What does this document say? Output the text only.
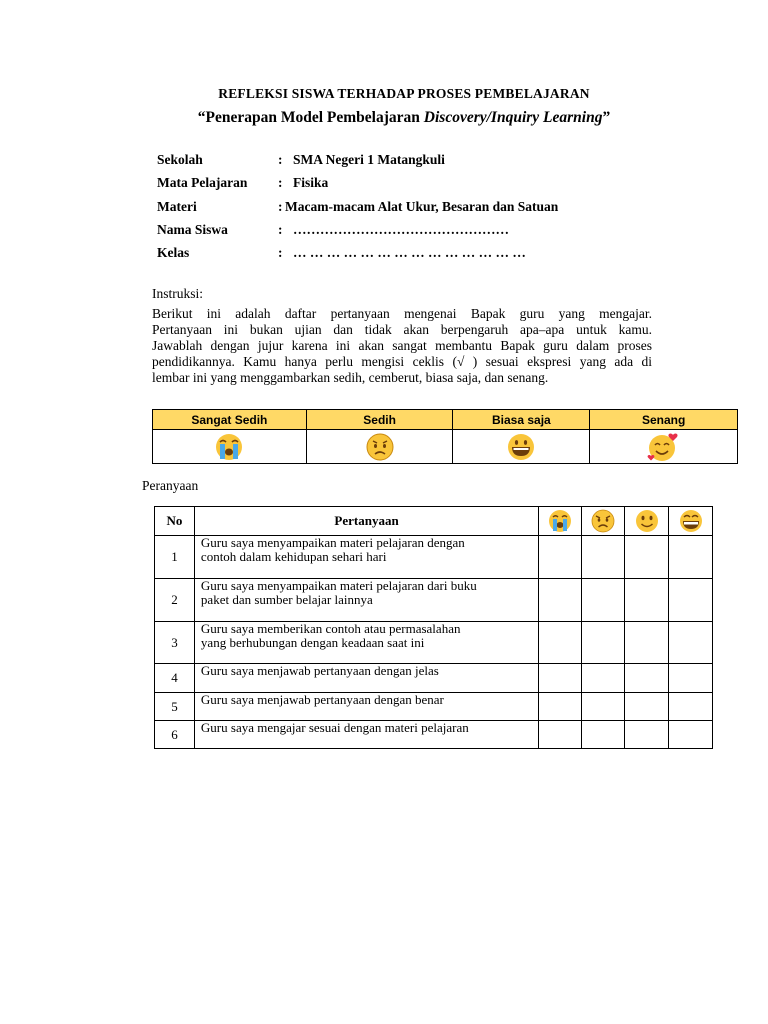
REFLEKSI SISWA TERHADAP PROSES PEMBELAJARAN
“Penerapan Model Pembelajaran Discovery/Inquiry Learning”
Sekolah	: SMA Negeri 1 Matangkuli
Mata Pelajaran : Fisika
Materi	: Macam-macam Alat Ukur, Besaran dan Satuan
Nama Siswa	: …………………………………………
Kelas	: … … … … … … … … … … … … … …
Instruksi:
Berikut ini adalah daftar pertanyaan mengenai Bapak guru yang mengajar.
Pertanyaan ini bukan ujian dan tidak akan berpengaruh apa–apa untuk kamu.
Jawablah dengan jujur karena ini akan sangat membantu Bapak guru dalam proses
pendidikannya. Kamu hanya perlu mengisi ceklis (√ ) sesuai ekspresi yang ada di
lembar ini yang menggambarkan sedih, cemberut, biasa saja, dan senang.
Sangat Sedih	Sedih	Biasa saja	Senang

Peranyaan
No	Pertanyaan				
1	Guru saya menyampaikan materi pelajaran dengan
contoh dalam kehidupan sehari hari				

2	Guru saya menyampaikan materi pelajaran dari buku
paket dan sumber belajar lainnya				

3	Guru saya memberikan contoh atau permasalahan
yang berhubungan dengan keadaan saat ini				

4	Guru saya menjawab pertanyaan dengan jelas				

5	Guru saya menjawab pertanyaan dengan benar				

6	Guru saya mengajar sesuai dengan materi pelajaran				
